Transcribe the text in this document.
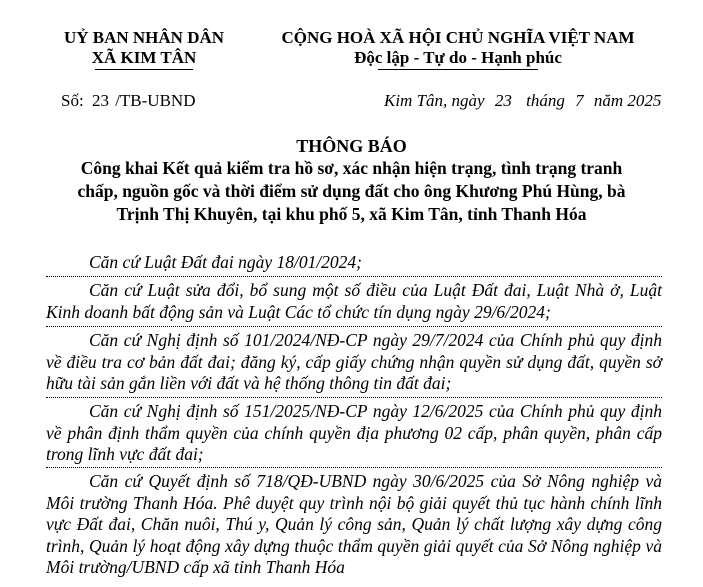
UỶ BAN NHÂN DÂN
XÃ KIM TÂN
CỘNG HOÀ XÃ HỘI CHỦ NGHĨA VIỆT NAM
Độc lập - Tự do - Hạnh phúc
Số: 23 /TB-UBND	Kim Tân, ngày 23 tháng 7 năm 2025
THÔNG BÁO
Công khai Kết quả kiểm tra hồ sơ, xác nhận hiện trạng, tình trạng tranh
chấp, nguồn gốc và thời điểm sử dụng đất cho ông Khương Phú Hùng, bà
Trịnh Thị Khuyên, tại khu phố 5, xã Kim Tân, tỉnh Thanh Hóa

Căn cứ Luật Đất đai ngày 18/01/2024;

Căn cứ Luật sửa đổi, bổ sung một số điều của Luật Đất đai, Luật Nhà ở, Luật Kinh doanh bất động sản và Luật Các tổ chức tín dụng ngày 29/6/2024;

Căn cứ Nghị định số 101/2024/NĐ-CP ngày 29/7/2024 của Chính phủ quy định về điều tra cơ bản đất đai; đăng ký, cấp giấy chứng nhận quyền sử dụng đất, quyền sở hữu tài sản gắn liền với đất và hệ thống thông tin đất đai;

Căn cứ Nghị định số 151/2025/NĐ-CP ngày 12/6/2025 của Chính phủ quy định về phân định thẩm quyền của chính quyền địa phương 02 cấp, phân quyền, phân cấp trong lĩnh vực đất đai;

Căn cứ Quyết định số 718/QĐ-UBND ngày 30/6/2025 của Sở Nông nghiệp và Môi trường Thanh Hóa. Phê duyệt quy trình nội bộ giải quyết thủ tục hành chính lĩnh vực Đất đai, Chăn nuôi, Thú y, Quản lý công sản, Quản lý chất lượng xây dựng công trình, Quản lý hoạt động xây dựng thuộc thẩm quyền giải quyết của Sở Nông nghiệp và Môi trường/UBND cấp xã tỉnh Thanh Hóa
